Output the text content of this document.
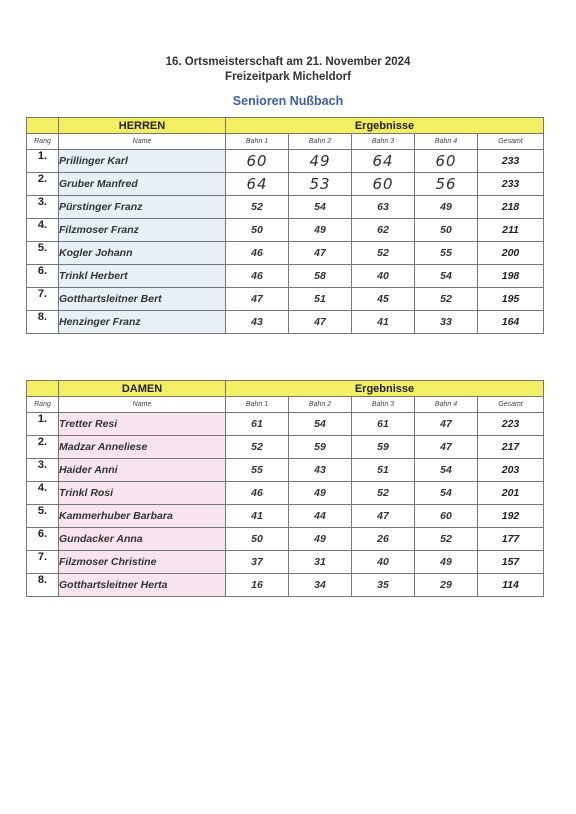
16. Ortsmeisterschaft am 21. November 2024
Freizeitpark Micheldorf
Senioren Nußbach
	HERREN	Ergebnisse				
Rang	Name	Bahn 1	Bahn 2	Bahn 3	Bahn 4	Gesamt
1.	Prillinger Karl	60	49	64	60	233
2.	Gruber Manfred	64	53	60	56	233
3.	Pürstinger Franz	52	54	63	49	218
4.	Filzmoser Franz	50	49	62	50	211
5.	Kogler Johann	46	47	52	55	200
6.	Trinkl Herbert	46	58	40	54	198
7.	Gotthartsleitner Bert	47	51	45	52	195
8.	Henzinger Franz	43	47	41	33	164
	DAMEN	Ergebnisse				
Rang	Name	Bahn 1	Bahn 2	Bahn 3	Bahn 4	Gesamt
1.	Tretter Resi	61	54	61	47	223
2.	Madzar Anneliese	52	59	59	47	217
3.	Haider Anni	55	43	51	54	203
4.	Trinkl Rosi	46	49	52	54	201
5.	Kammerhuber Barbara	41	44	47	60	192
6.	Gundacker Anna	50	49	26	52	177
7.	Filzmoser Christine	37	31	40	49	157
8.	Gotthartsleitner Herta	16	34	35	29	114
